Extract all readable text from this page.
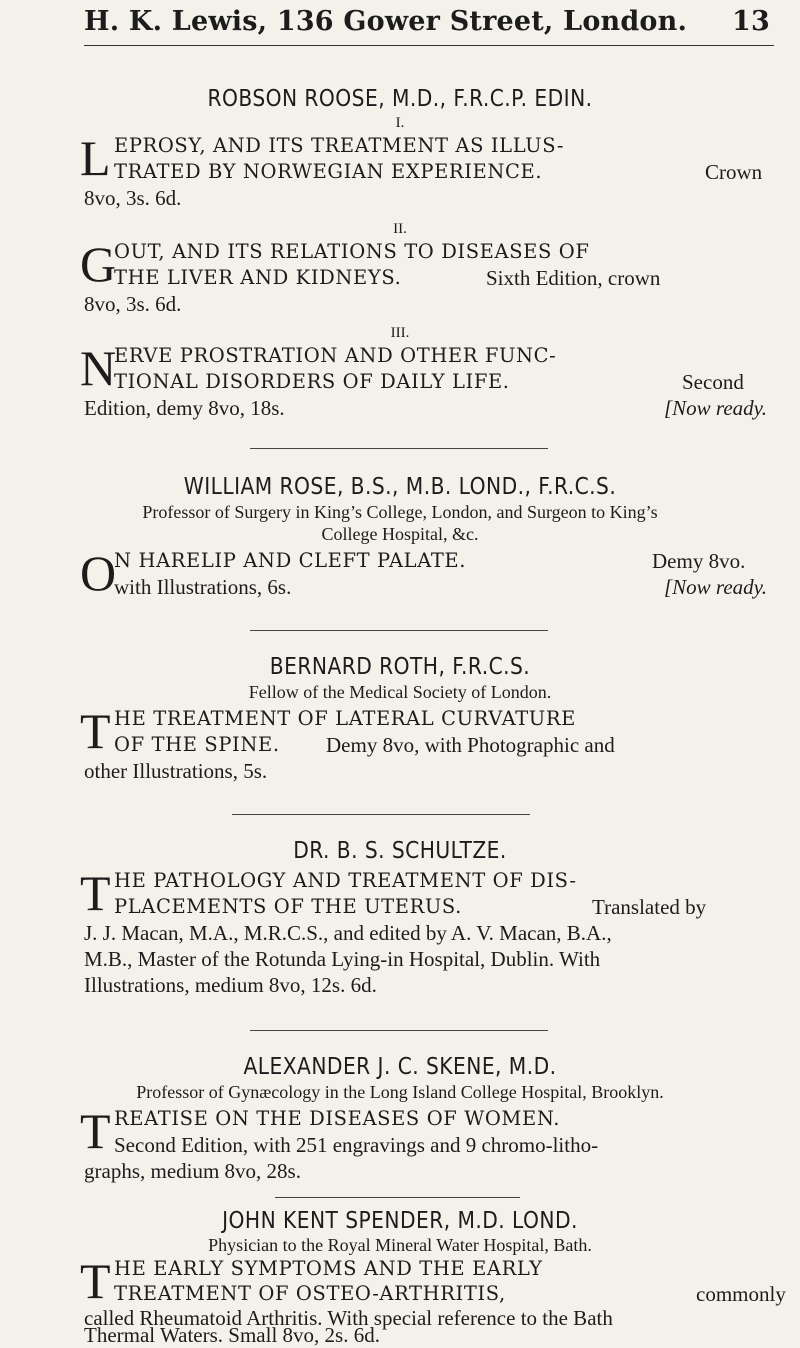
H. K. Lewis, 136 Gower Street, London. 13
ROBSON ROOSE, M.D., F.R.C.P. EDIN.
I.
L EPROSY, AND ITS TREATMENT AS ILLUS-
TRATED BY NORWEGIAN EXPERIENCE.	Crown
8vo, 3s. 6d.
II.
G
OUT, AND ITS RELATIONS TO DISEASES OF
THE LIVER AND KIDNEYS.	Sixth Edition, crown
8vo, 3s. 6d.
III.
N
ERVE PROSTRATION AND OTHER FUNC-
TIONAL DISORDERS OF DAILY LIFE.	Second
Edition, demy 8vo, 18s.	[Now ready.
WILLIAM ROSE, B.S., M.B. LOND., F.R.C.S.
Professor of Surgery in King’s College, London, and Surgeon to King’s
College Hospital, &c.
O
N HARELIP AND CLEFT PALATE.	Demy 8vo.
with Illustrations, 6s.	[Now ready.
BERNARD ROTH, F.R.C.S.
Fellow of the Medical Society of London.
T HE TREATMENT OF LATERAL CURVATURE
OF THE SPINE. Demy 8vo, with Photographic and
other Illustrations, 5s.
DR. B. S. SCHULTZE.
T HE PATHOLOGY AND TREATMENT OF DIS-
PLACEMENTS OF THE UTERUS.	Translated by
J. J. Macan, M.A., M.R.C.S., and edited by A. V. Macan, B.A.,
M.B., Master of the Rotunda Lying-in Hospital, Dublin. With
Illustrations, medium 8vo, 12s. 6d.
ALEXANDER J. C. SKENE, M.D.
Professor of Gynæcology in the Long Island College Hospital, Brooklyn.
T REATISE ON THE DISEASES OF WOMEN.
Second Edition, with 251 engravings and 9 chromo-litho-
graphs, medium 8vo, 28s.
JOHN KENT SPENDER, M.D. LOND.
Physician to the Royal Mineral Water Hospital, Bath.
T HE EARLY SYMPTOMS AND THE EARLY
TREATMENT OF OSTEO-ARTHRITIS,	commonly
called Rheumatoid Arthritis. With special reference to the Bath
Thermal Waters. Small 8vo, 2s. 6d.
